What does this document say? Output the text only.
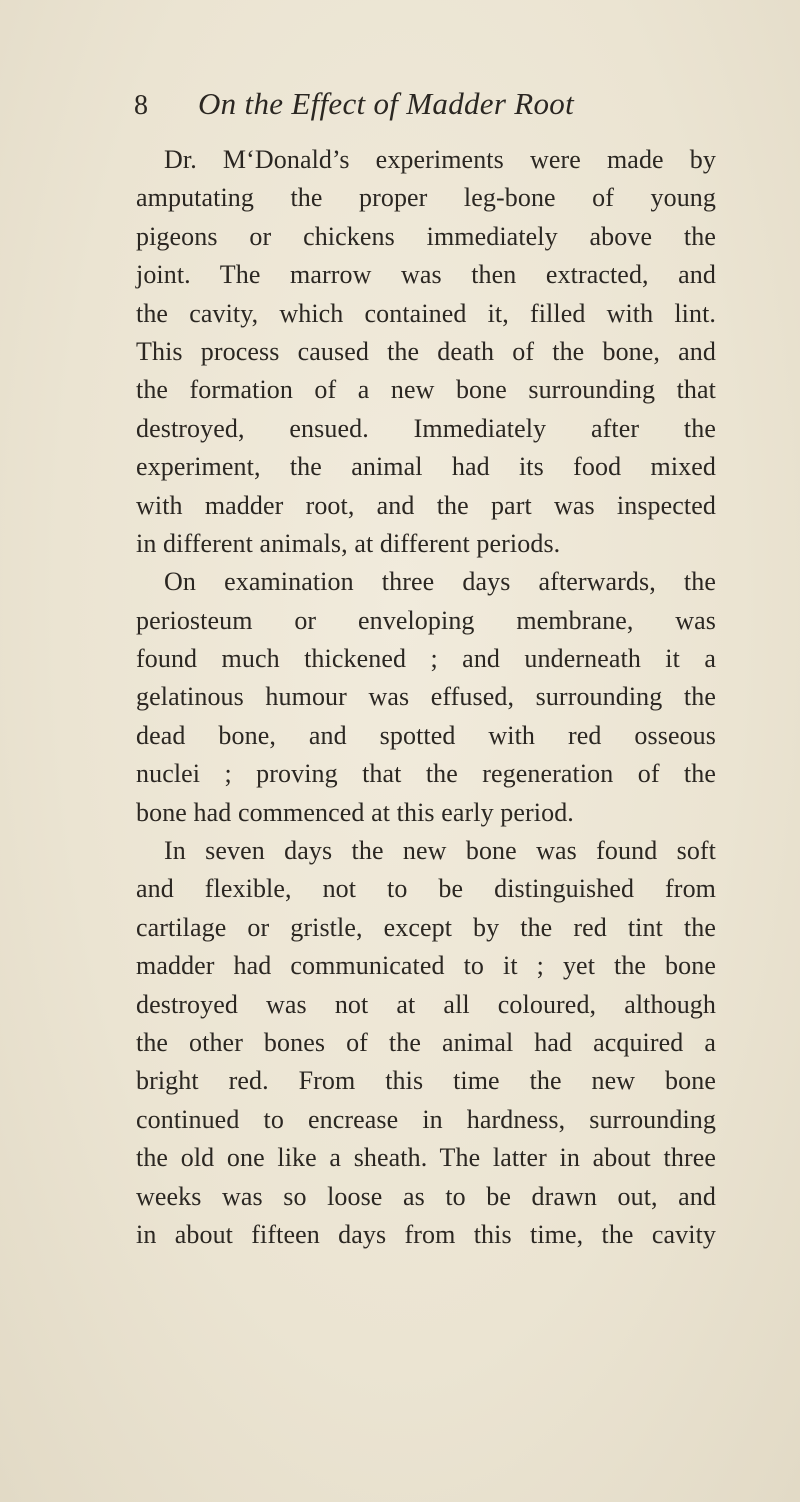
8 On the Effect of Madder Root
Dr. M‘Donald’s experiments were made by
amputating the proper leg-bone of young
pigeons or chickens immediately above the
joint. The marrow was then extracted, and
the cavity, which contained it, filled with lint.
This process caused the death of the bone, and
the formation of a new bone surrounding that
destroyed, ensued. Immediately after the
experiment, the animal had its food mixed
with madder root, and the part was inspected
in different animals, at different periods.
On examination three days afterwards, the
periosteum or enveloping membrane, was
found much thickened ; and underneath it a
gelatinous humour was effused, surrounding the
dead bone, and spotted with red osseous
nuclei ; proving that the regeneration of the
bone had commenced at this early period.
In seven days the new bone was found soft
and flexible, not to be distinguished from
cartilage or gristle, except by the red tint the
madder had communicated to it ; yet the bone
destroyed was not at all coloured, although
the other bones of the animal had acquired a
bright red. From this time the new bone
continued to encrease in hardness, surrounding
the old one like a sheath. The latter in about three
weeks was so loose as to be drawn out, and
in about fifteen days from this time, the cavity
